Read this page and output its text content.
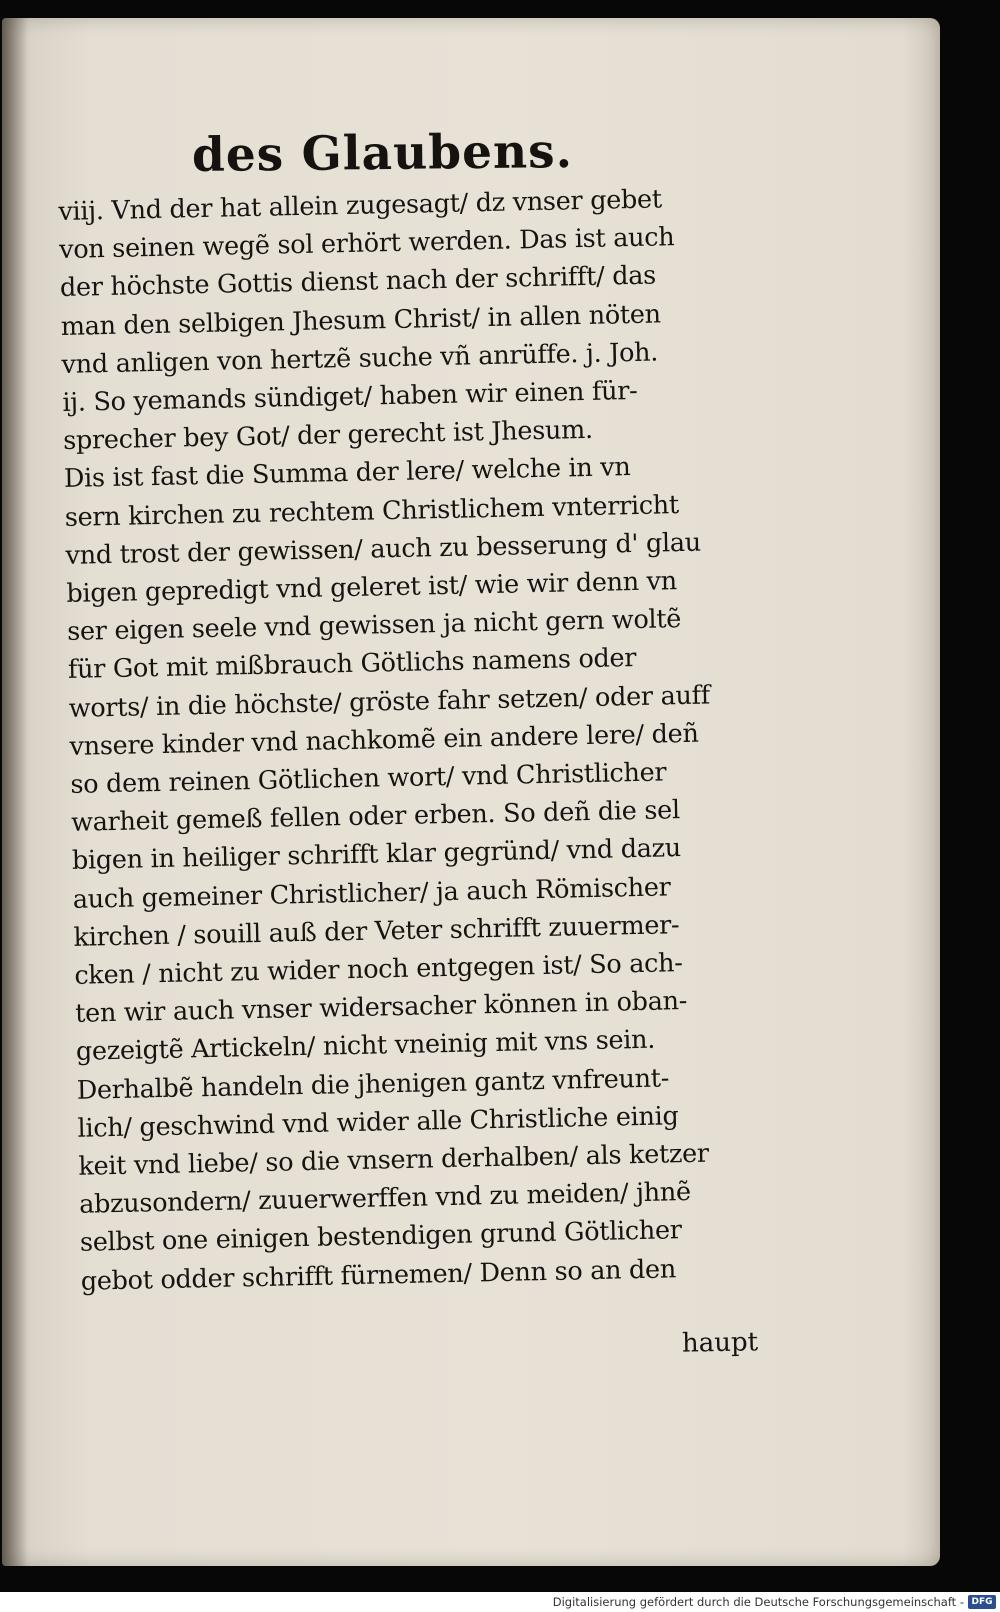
des Glaubens.
viij. Vnd der hat allein zugesagt/ dz vnser gebet
von seinen wegẽ sol erhört werden. Das ist auch
der höchste Gottis dienst nach der schrifft/ das
man den selbigen Jhesum Christ/ in allen nöten
vnd anligen von hertzẽ suche vñ anrüffe. j. Joh.
ij. So yemands sündiget/ haben wir einen für-
sprecher bey Got/ der gerecht ist Jhesum.
Dis ist fast die Summa der lere/ welche in vn
sern kirchen zu rechtem Christlichem vnterricht
vnd trost der gewissen/ auch zu besserung d' glau
bigen gepredigt vnd geleret ist/ wie wir denn vn
ser eigen seele vnd gewissen ja nicht gern woltẽ
für Got mit mißbrauch Götlichs namens oder
worts/ in die höchste/ gröste fahr setzen/ oder auff
vnsere kinder vnd nachkomẽ ein andere lere/ deñ
so dem reinen Götlichen wort/ vnd Christlicher
warheit gemeß fellen oder erben. So deñ die sel
bigen in heiliger schrifft klar gegründ/ vnd dazu
auch gemeiner Christlicher/ ja auch Römischer
kirchen / souill auß der Veter schrifft zuuermer-
cken / nicht zu wider noch entgegen ist/ So ach-
ten wir auch vnser widersacher können in oban-
gezeigtẽ Artickeln/ nicht vneinig mit vns sein.
Derhalbẽ handeln die jhenigen gantz vnfreunt-
lich/ geschwind vnd wider alle Christliche einig
keit vnd liebe/ so die vnsern derhalben/ als ketzer
abzusondern/ zuuerwerffen vnd zu meiden/ jhnẽ
selbst one einigen bestendigen grund Götlicher
gebot odder schrifft fürnemen/ Denn so an den
haupt
Digitalisierung gefördert durch die Deutsche Forschungsgemeinschaft - DFG
